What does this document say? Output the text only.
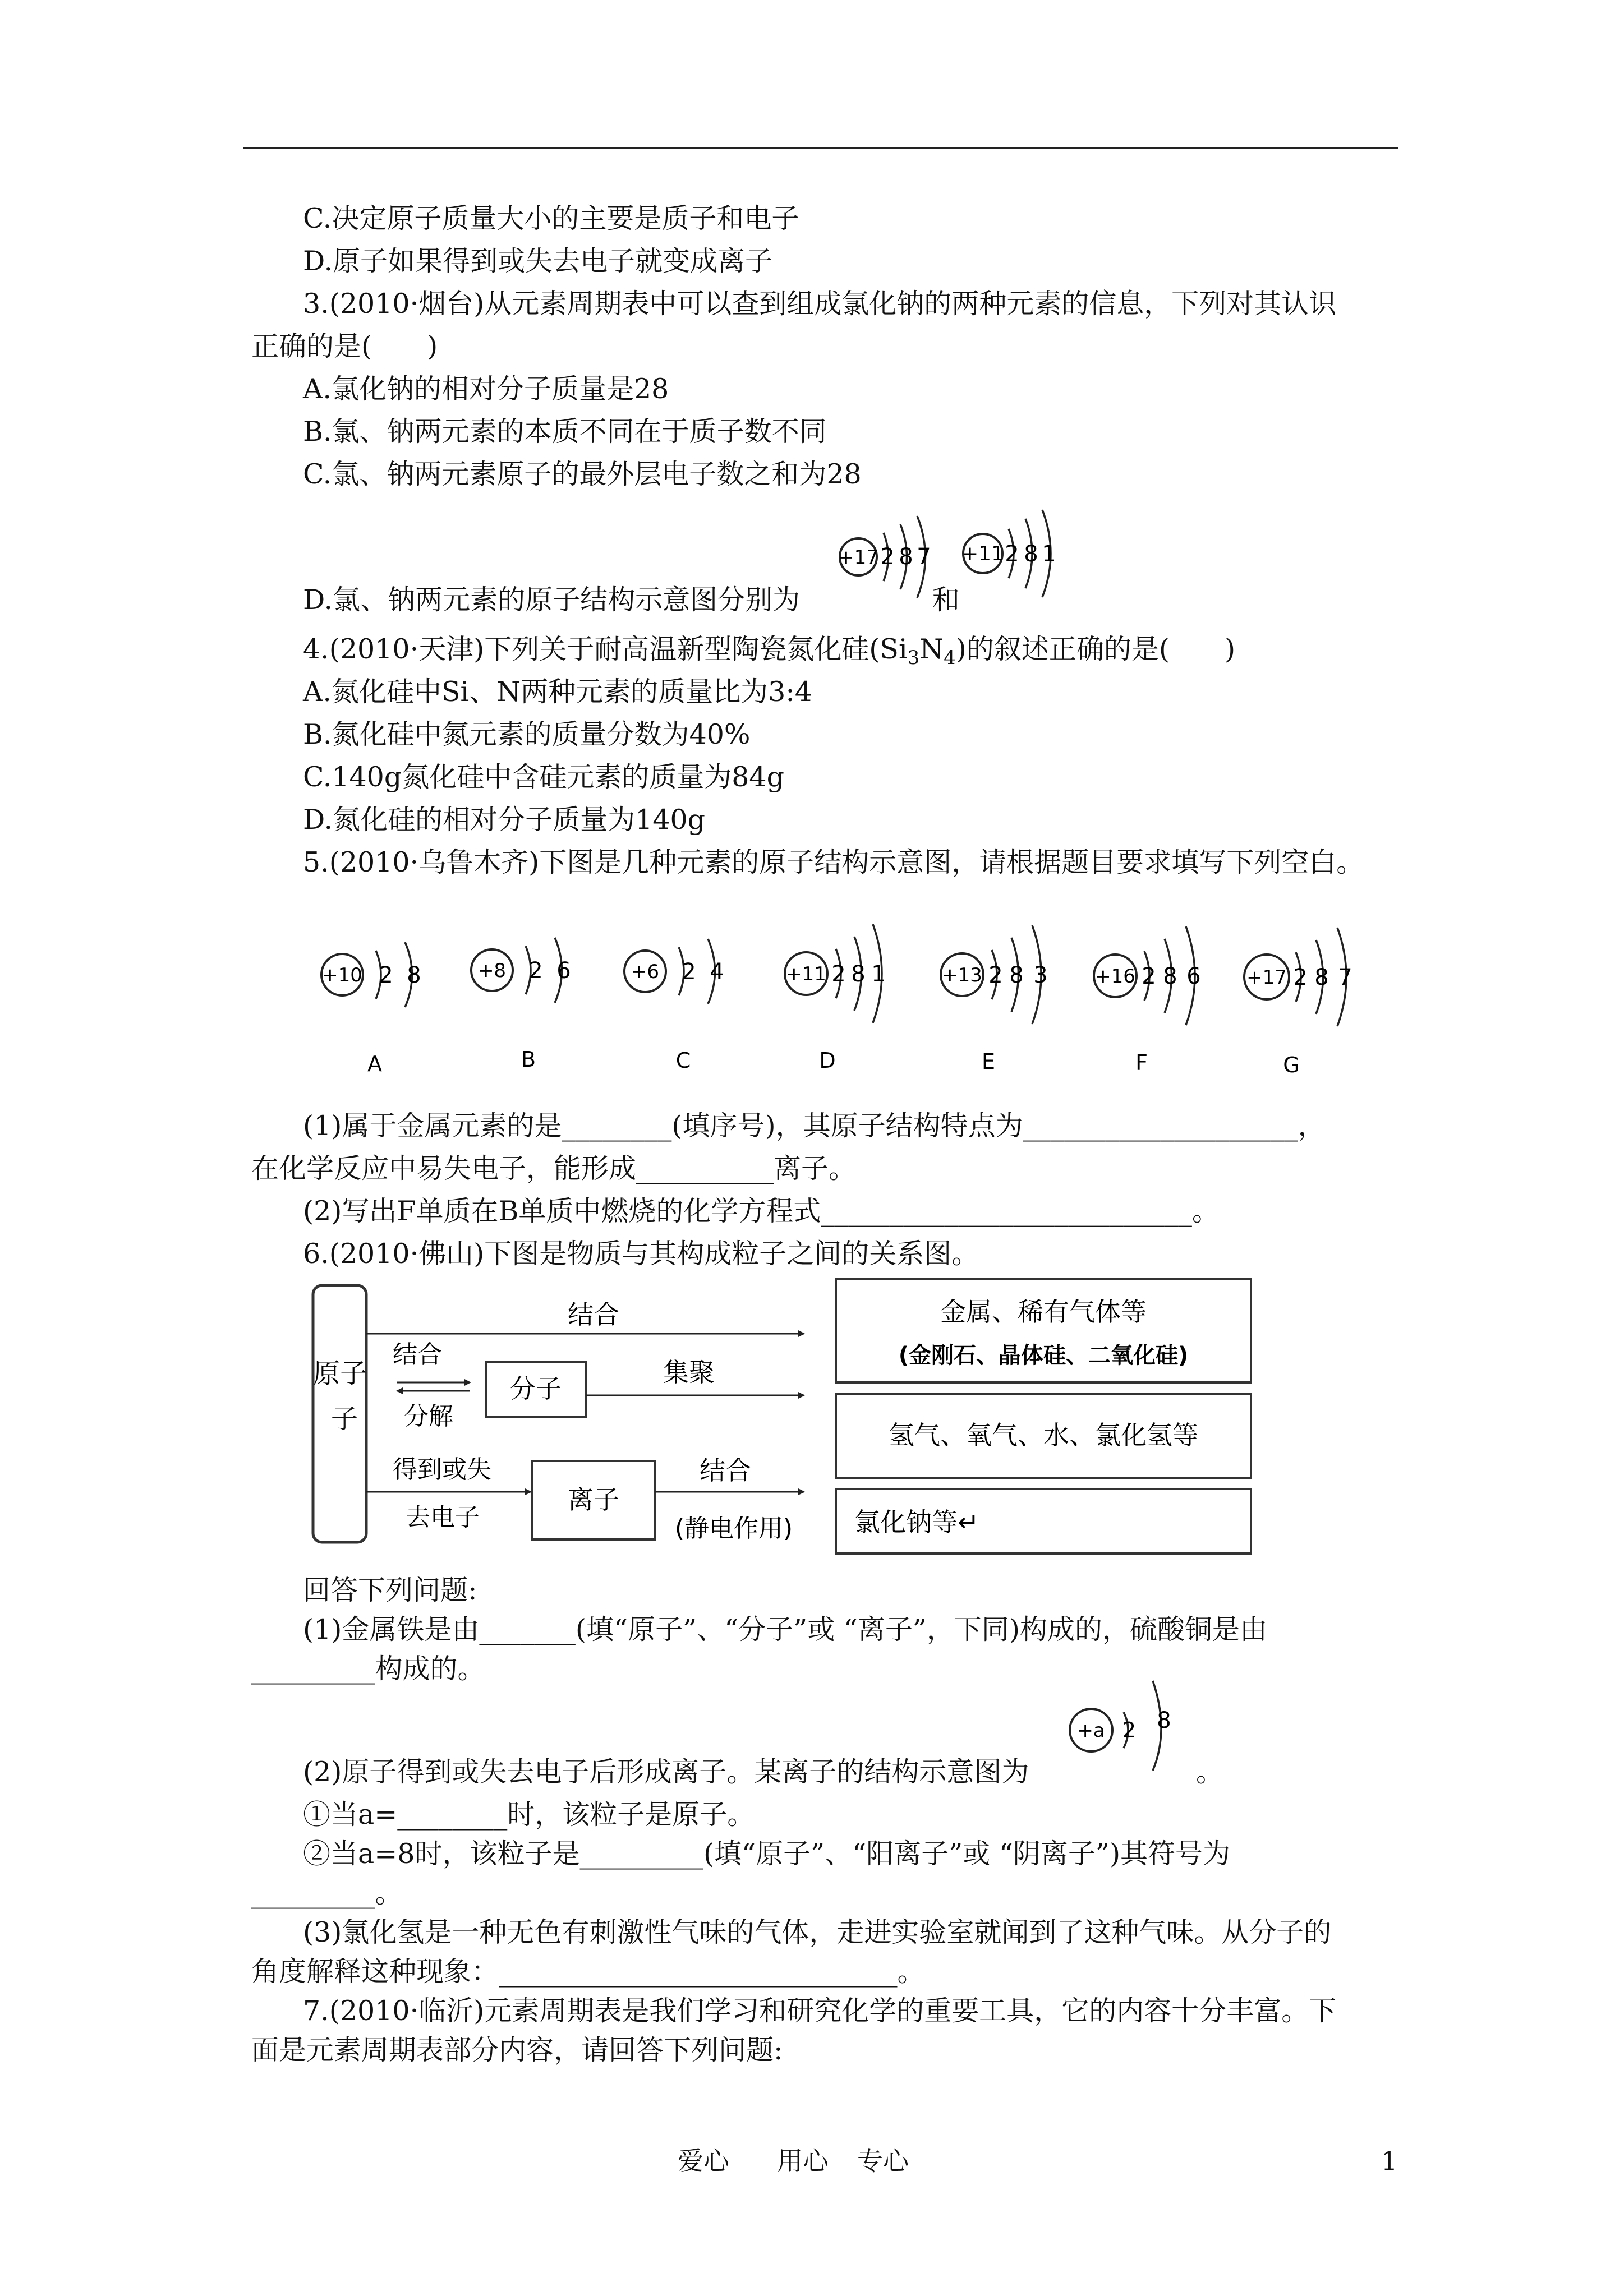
C.决定原子质量大小的主要是质子和电子
D.原子如果得到或失去电子就变成离子
3.(2010·烟台)从元素周期表中可以查到组成氯化钠的两种元素的信息，下列对其认识
正确的是(　　)
A.氯化钠的相对分子质量是28
B.氯、钠两元素的本质不同在于质子数不同
C.氯、钠两元素原子的最外层电子数之和为28
D.氯、钠两元素的原子结构示意图分别为	和
+17 2 8 7 +11 2 8 1
4.(2010·天津)下列关于耐高温新型陶瓷氮化硅$(Si_3N_4)$的叙述正确的是(　　)
A.氮化硅中Si、N两种元素的质量比为3:4
B.氮化硅中氮元素的质量分数为40%
C.140g氮化硅中含硅元素的质量为84g
D.氮化硅的相对分子质量为140g
5.(2010·乌鲁木齐)下图是几种元素的原子结构示意图，请根据题目要求填写下列空白。
+10 2 8
A
+8 2 6
B
+6 2 4
C
+11 2 8 1
D
+13 2 8 3
E
+16 2 8 6
F
+17 2 8 7
G
(1)属于金属元素的是________(填序号)，其原子结构特点为____________________，
在化学反应中易失电子，能形成__________离子。
(2)写出F单质在B单质中燃烧的化学方程式___________________________。
6.(2010·佛山)下图是物质与其构成粒子之间的关系图。
原子
结合
结合
分解
分子
集聚
得到或失
去电子
离子
结合
(静电作用)
金属、稀有气体等
(金刚石、晶体硅、二氧化硅)
氢气、氧气、水、氯化氢等
氯化钠等↵
子
回答下列问题:
(1)金属铁是由_______(填“原子”、“分子”或 “离子”，下同)构成的，硫酸铜是由
_________构成的。
(2)原子得到或失去电子后形成离子。某离子的结构示意图为	。
+a 2 8
①当a=________时，该粒子是原子。
②当a=8时，该粒子是_________(填“原子”、“阳离子”或 “阴离子”)其符号为
_________。
(3)氯化氢是一种无色有刺激性气味的气体，走进实验室就闻到了这种气味。从分子的
角度解释这种现象：_____________________________。
7.(2010·临沂)元素周期表是我们学习和研究化学的重要工具，它的内容十分丰富。下
面是元素周期表部分内容，请回答下列问题:
爱心 用心 专心	1
